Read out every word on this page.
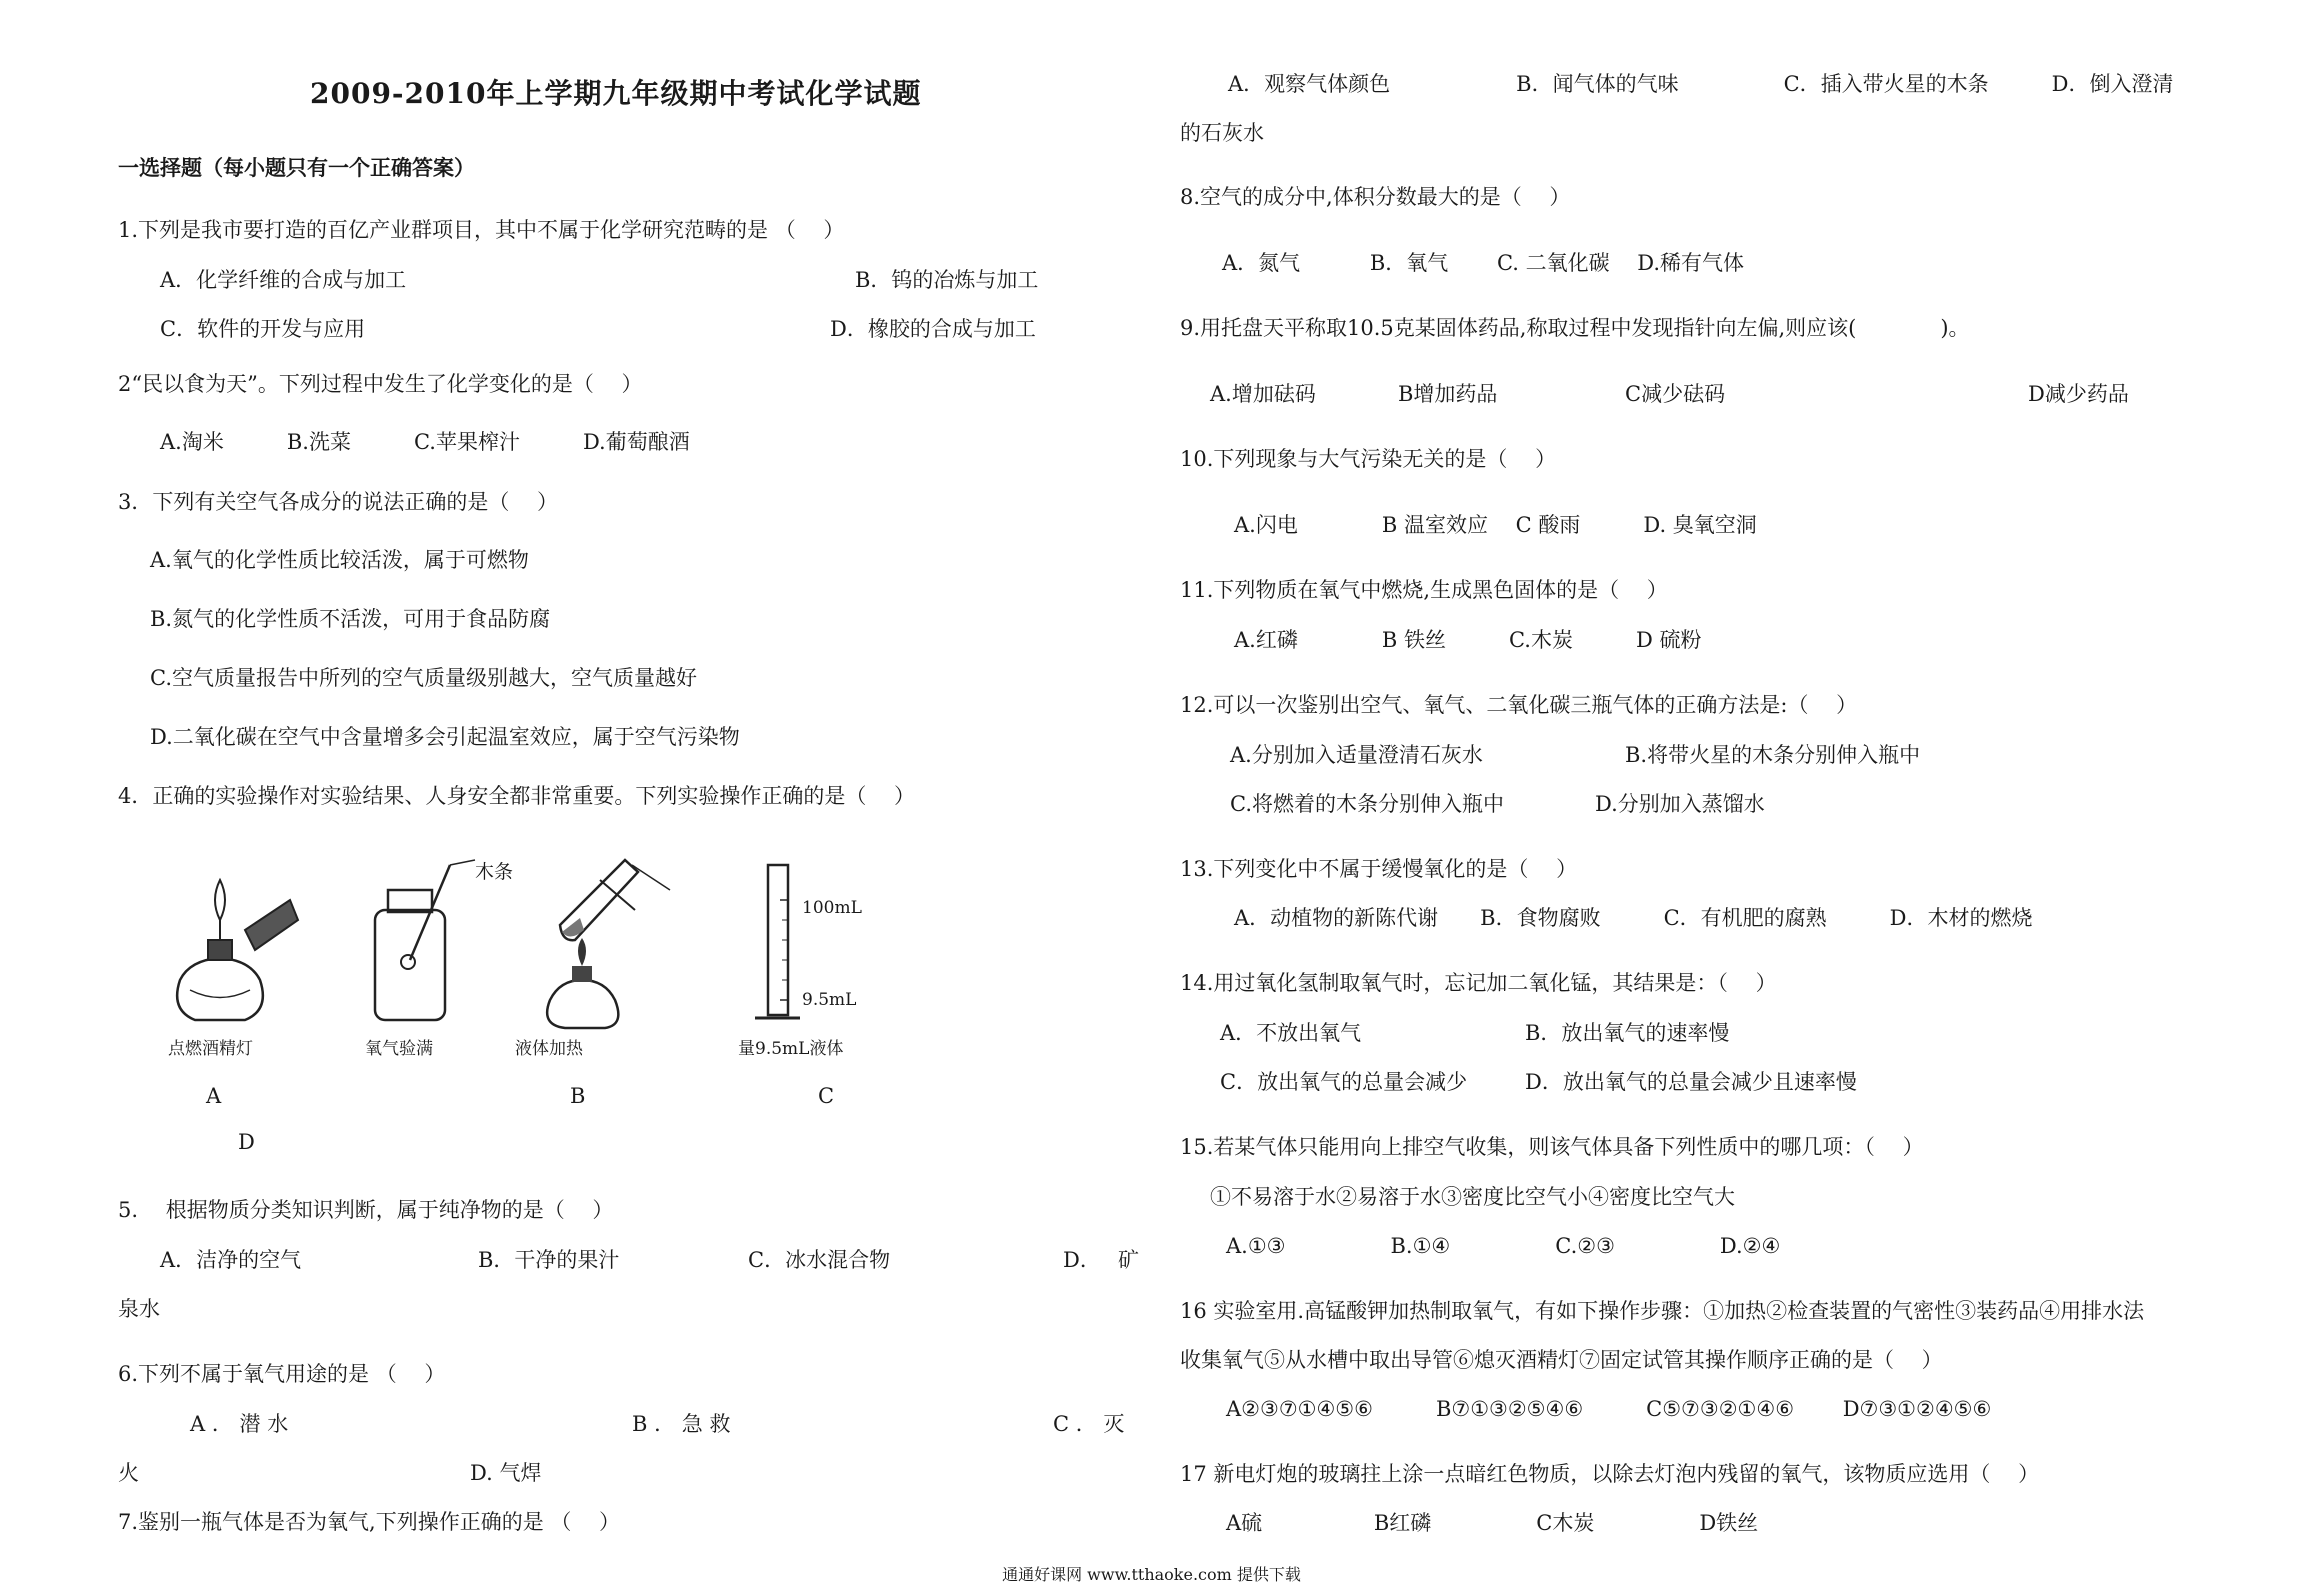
2009-2010年上学期九年级期中考试化学试题
一选择题（每小题只有一个正确答案）
1.下列是我市要打造的百亿产业群项目，其中不属于化学研究范畴的是 （　 ）
A．化学纤维的合成与加工	B．钨的冶炼与加工
C．软件的开发与应用	D．橡胶的合成与加工
2“民以食为天”。下列过程中发生了化学变化的是（　 ）
A.淘米　　　B.洗菜　　　C.苹果榨汁　　　D.葡萄酿酒
3．下列有关空气各成分的说法正确的是（　 ）
A.氧气的化学性质比较活泼，属于可燃物
B.氮气的化学性质不活泼，可用于食品防腐
C.空气质量报告中所列的空气质量级别越大，空气质量越好
D.二氧化碳在空气中含量增多会引起温室效应，属于空气污染物
4．正确的实验操作对实验结果、人身安全都非常重要。下列实验操作正确的是（　 ）
点燃酒精灯
木条
氧气验满	液体加热
100mL
9.5mL
量9.5mL液体
A	B	C
D
5.　 根据物质分类知识判断，属于纯净物的是（　 ）
A．洁净的空气	B．干净的果汁	C．冰水混合物	D．　 矿
泉水
6.下列不属于氧气用途的是 （　 ）
A ． 潜 水	B ． 急 救	C ． 灭
火	D. 气焊
7.鉴别一瓶气体是否为氧气,下列操作正确的是 （　 ）
A．观察气体颜色　　　　　　B．闻气体的气味　　　　　C．插入带火星的木条　　　D．倒入澄清
的石灰水
8.空气的成分中,体积分数最大的是（　 ）
A．氮气　　　 B．氧气　　 C. 二氧化碳　 D.稀有气体
9.用托盘天平称取10.5克某固体药品,称取过程中发现指针向左偏,则应该(　　　　)。
A.增加砝码	B增加药品	C减少砝码	D减少药品
10.下列现象与大气污染无关的是（　 ）
A.闪电　　　　B 温室效应　 C 酸雨　　　D. 臭氧空洞
11.下列物质在氧气中燃烧,生成黑色固体的是（　 ）
A.红磷　　　　B 铁丝　　　C.木炭　　　D 硫粉
12.可以一次鉴别出空气、氧气、二氧化碳三瓶气体的正确方法是:（　 ）
A.分别加入适量澄清石灰水	B.将带火星的木条分别伸入瓶中
C.将燃着的木条分别伸入瓶中	D.分别加入蒸馏水
13.下列变化中不属于缓慢氧化的是（　 ）
A．动植物的新陈代谢　　B．食物腐败　　　C．有机肥的腐熟　　　D．木材的燃烧
14.用过氧化氢制取氧气时，忘记加二氧化锰，其结果是：（　 ）
A．不放出氧气	B．放出氧气的速率慢
C．放出氧气的总量会减少	D．放出氧气的总量会减少且速率慢
15.若某气体只能用向上排空气收集，则该气体具备下列性质中的哪几项：（　 ）
①不易溶于水②易溶于水③密度比空气小④密度比空气大
A.①③　　　　　B.①④　　　　　C.②③　　　　　D.②④
16 实验室用.高锰酸钾加热制取氧气，有如下操作步骤：①加热②检查装置的气密性③装药品④用排水法
收集氧气⑤从水槽中取出导管⑥熄灭酒精灯⑦固定试管其操作顺序正确的是（　 ）
A②③⑦①④⑤⑥　　　B⑦①③②⑤④⑥　　　C⑤⑦③②①④⑥　　 D⑦③①②④⑤⑥
17 新电灯炮的玻璃拄上涂一点暗红色物质，以除去灯泡内残留的氧气，该物质应选用（　 ）
A硫　　　　　 B红磷　　　　　C木炭　　　　　D铁丝
通通好课网 www.tthaoke.com 提供下载
